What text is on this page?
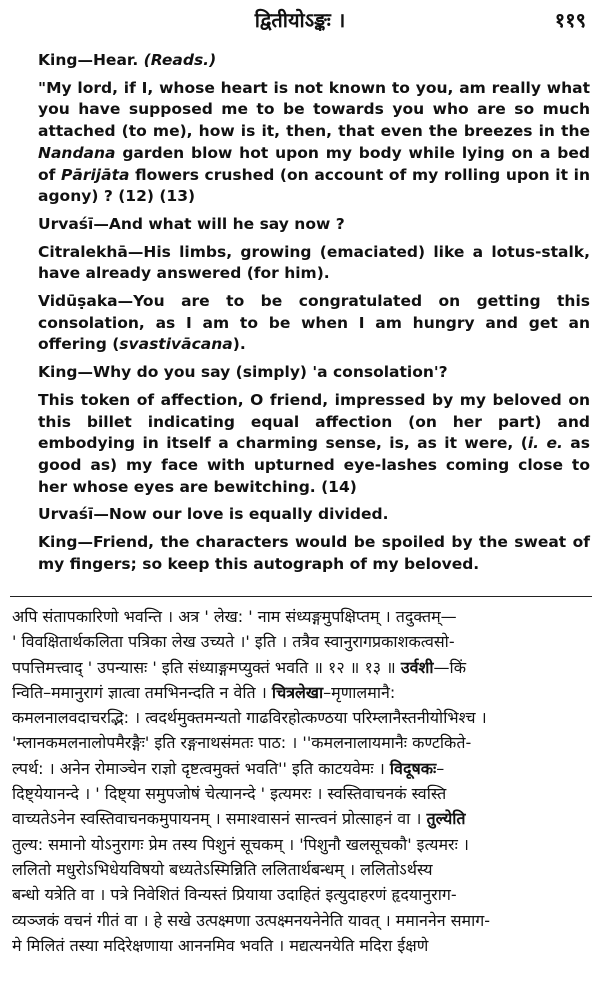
द्वितीयोऽङ्कः ।	११९

King—Hear. (Reads.)

"My lord, if I, whose heart is not known to you, am really what you have supposed me to be towards you who are so much attached (to me), how is it, then, that even the breezes in the Nandana garden blow hot upon my body while lying on a bed of Pārijāta flowers crushed (on account of my rolling upon it in agony) ? (12) (13)

Urvaśī—And what will he say now ?

Citralekhā—His limbs, growing (emaciated) like a lotus-stalk, have already answered (for him).

Vidūṣaka—You are to be congratulated on getting this consolation, as I am to be when I am hungry and get an offering (svastivācana).

King—Why do you say (simply) 'a consolation'?

This token of affection, O friend, impressed by my beloved on this billet indicating equal affection (on her part) and embodying in itself a charming sense, is, as it were, (i. e. as good as) my face with upturned eye-lashes coming close to her whose eyes are bewitching. (14)

Urvaśī—Now our love is equally divided.

King—Friend, the characters would be spoiled by the sweat of my fingers; so keep this autograph of my beloved.

अपि संतापकारिणो भवन्ति । अत्र ' लेख: ' नाम संध्यङ्गमुपक्षिप्तम् । तदुक्तम्—
' विवक्षितार्थकलिता पत्रिका लेख उच्यते ।' इति । तत्रैव स्वानुरागप्रकाशकत्वसो-
पपत्तिमत्त्वाद् ' उपन्यासः ' इति संध्याङ्गमप्युक्तं भवति ॥ १२ ॥ १३ ॥ उर्वशी—किं
न्विति–ममानुरागं ज्ञात्वा तमभिनन्दति न वेति । चित्रलेखा–मृणालमानै:
कमलनालवदाचरद्भि: । त्वदर्थमुक्तमन्यतो गाढविरहोत्कण्ठया परिम्लानैस्तनीयोभिश्च ।
'म्लानकमलनालोपमैरङ्गैः' इति रङ्गनाथसंमतः पाठ: । ''कमलनालायमानैः कण्टकिते-
ल्पर्थ: । अनेन रोमाञ्चेन राज्ञो दृष्टत्वमुक्तं भवति'' इति काटयवेमः । विदूषकः–
दिष्ट्येयानन्दे । ' दिष्ट्या समुपजोषं चेत्यानन्दे ' इत्यमरः । स्वस्तिवाचनकं स्वस्ति
वाच्यतेऽनेन स्वस्तिवाचनकमुपायनम् । समाश्वासनं सान्त्वनं प्रोत्साहनं वा । तुल्येति
तुल्य: समानो योऽनुरागः प्रेम तस्य पिशुनं सूचकम् । 'पिशुनौ खलसूचकौ' इत्यमरः ।
ललितो मधुरोऽभिधेयविषयो बध्यतेऽस्मिन्निति ललितार्थबन्धम् । ललितोऽर्थस्य
बन्धो यत्रेति वा । पत्रे निवेशितं विन्यस्तं प्रियाया उदाहितं इत्युदाहरणं हृदयानुराग-
व्यञ्जकं वचनं गीतं वा । हे सखे उत्पक्ष्मणा उत्पक्ष्मनयनेनेति यावत् । ममाननेन समाग-
मे मिलितं तस्या मदिरेक्षणाया आननमिव भवति । मद्यत्यनयेति मदिरा ईक्षणे
